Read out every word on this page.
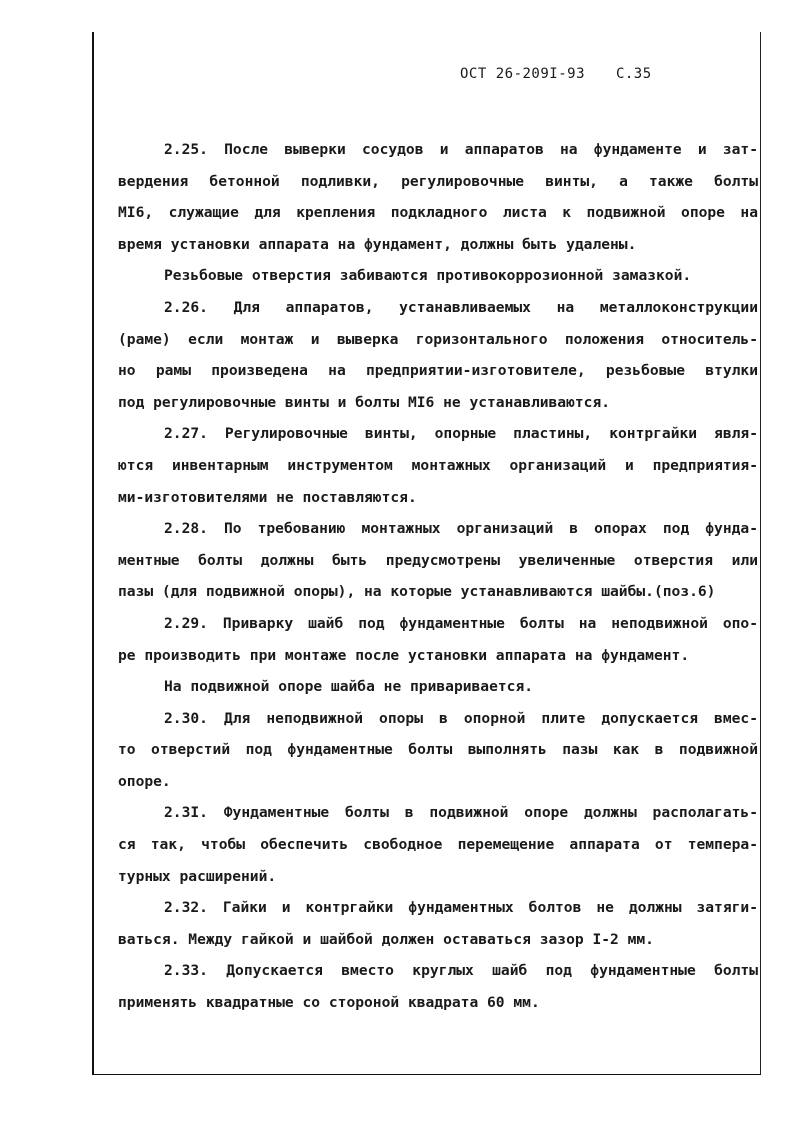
ОСТ 26-209I-93 С.35
2.25. После выверки сосудов и аппаратов на фундаменте и зат-
вердения бетонной подливки, регулировочные винты, а также болты
МI6, служащие для крепления подкладного листа к подвижной опоре на
время установки аппарата на фундамент, должны быть удалены.
Резьбовые отверстия забиваются противокоррозионной замазкой.
2.26. Для аппаратов, устанавливаемых на металлоконструкции
(раме) если монтаж и выверка горизонтального положения относитель-
но рамы произведена на предприятии-изготовителе, резьбовые втулки
под регулировочные винты и болты МI6 не устанавливаются.
2.27. Регулировочные винты, опорные пластины, контргайки явля-
ются инвентарным инструментом монтажных организаций и предприятия-
ми-изготовителями не поставляются.
2.28. По требованию монтажных организаций в опорах под фунда-
ментные болты должны быть предусмотрены увеличенные отверстия или
пазы (для подвижной опоры), на которые устанавливаются шайбы.(поз.6)
2.29. Приварку шайб под фундаментные болты на неподвижной опо-
ре производить при монтаже после установки аппарата на фундамент.
На подвижной опоре шайба не приваривается.
2.30. Для неподвижной опоры в опорной плите допускается вмес-
то отверстий под фундаментные болты выполнять пазы как в подвижной
опоре.
2.3I. Фундаментные болты в подвижной опоре должны располагать-
ся так, чтобы обеспечить свободное перемещение аппарата от темпера-
турных расширений.
2.32. Гайки и контргайки фундаментных болтов не должны затяги-
ваться. Между гайкой и шайбой должен оставаться зазор I-2 мм.
2.33. Допускается вместо круглых шайб под фундаментные болты
применять квадратные со стороной квадрата 60 мм.
